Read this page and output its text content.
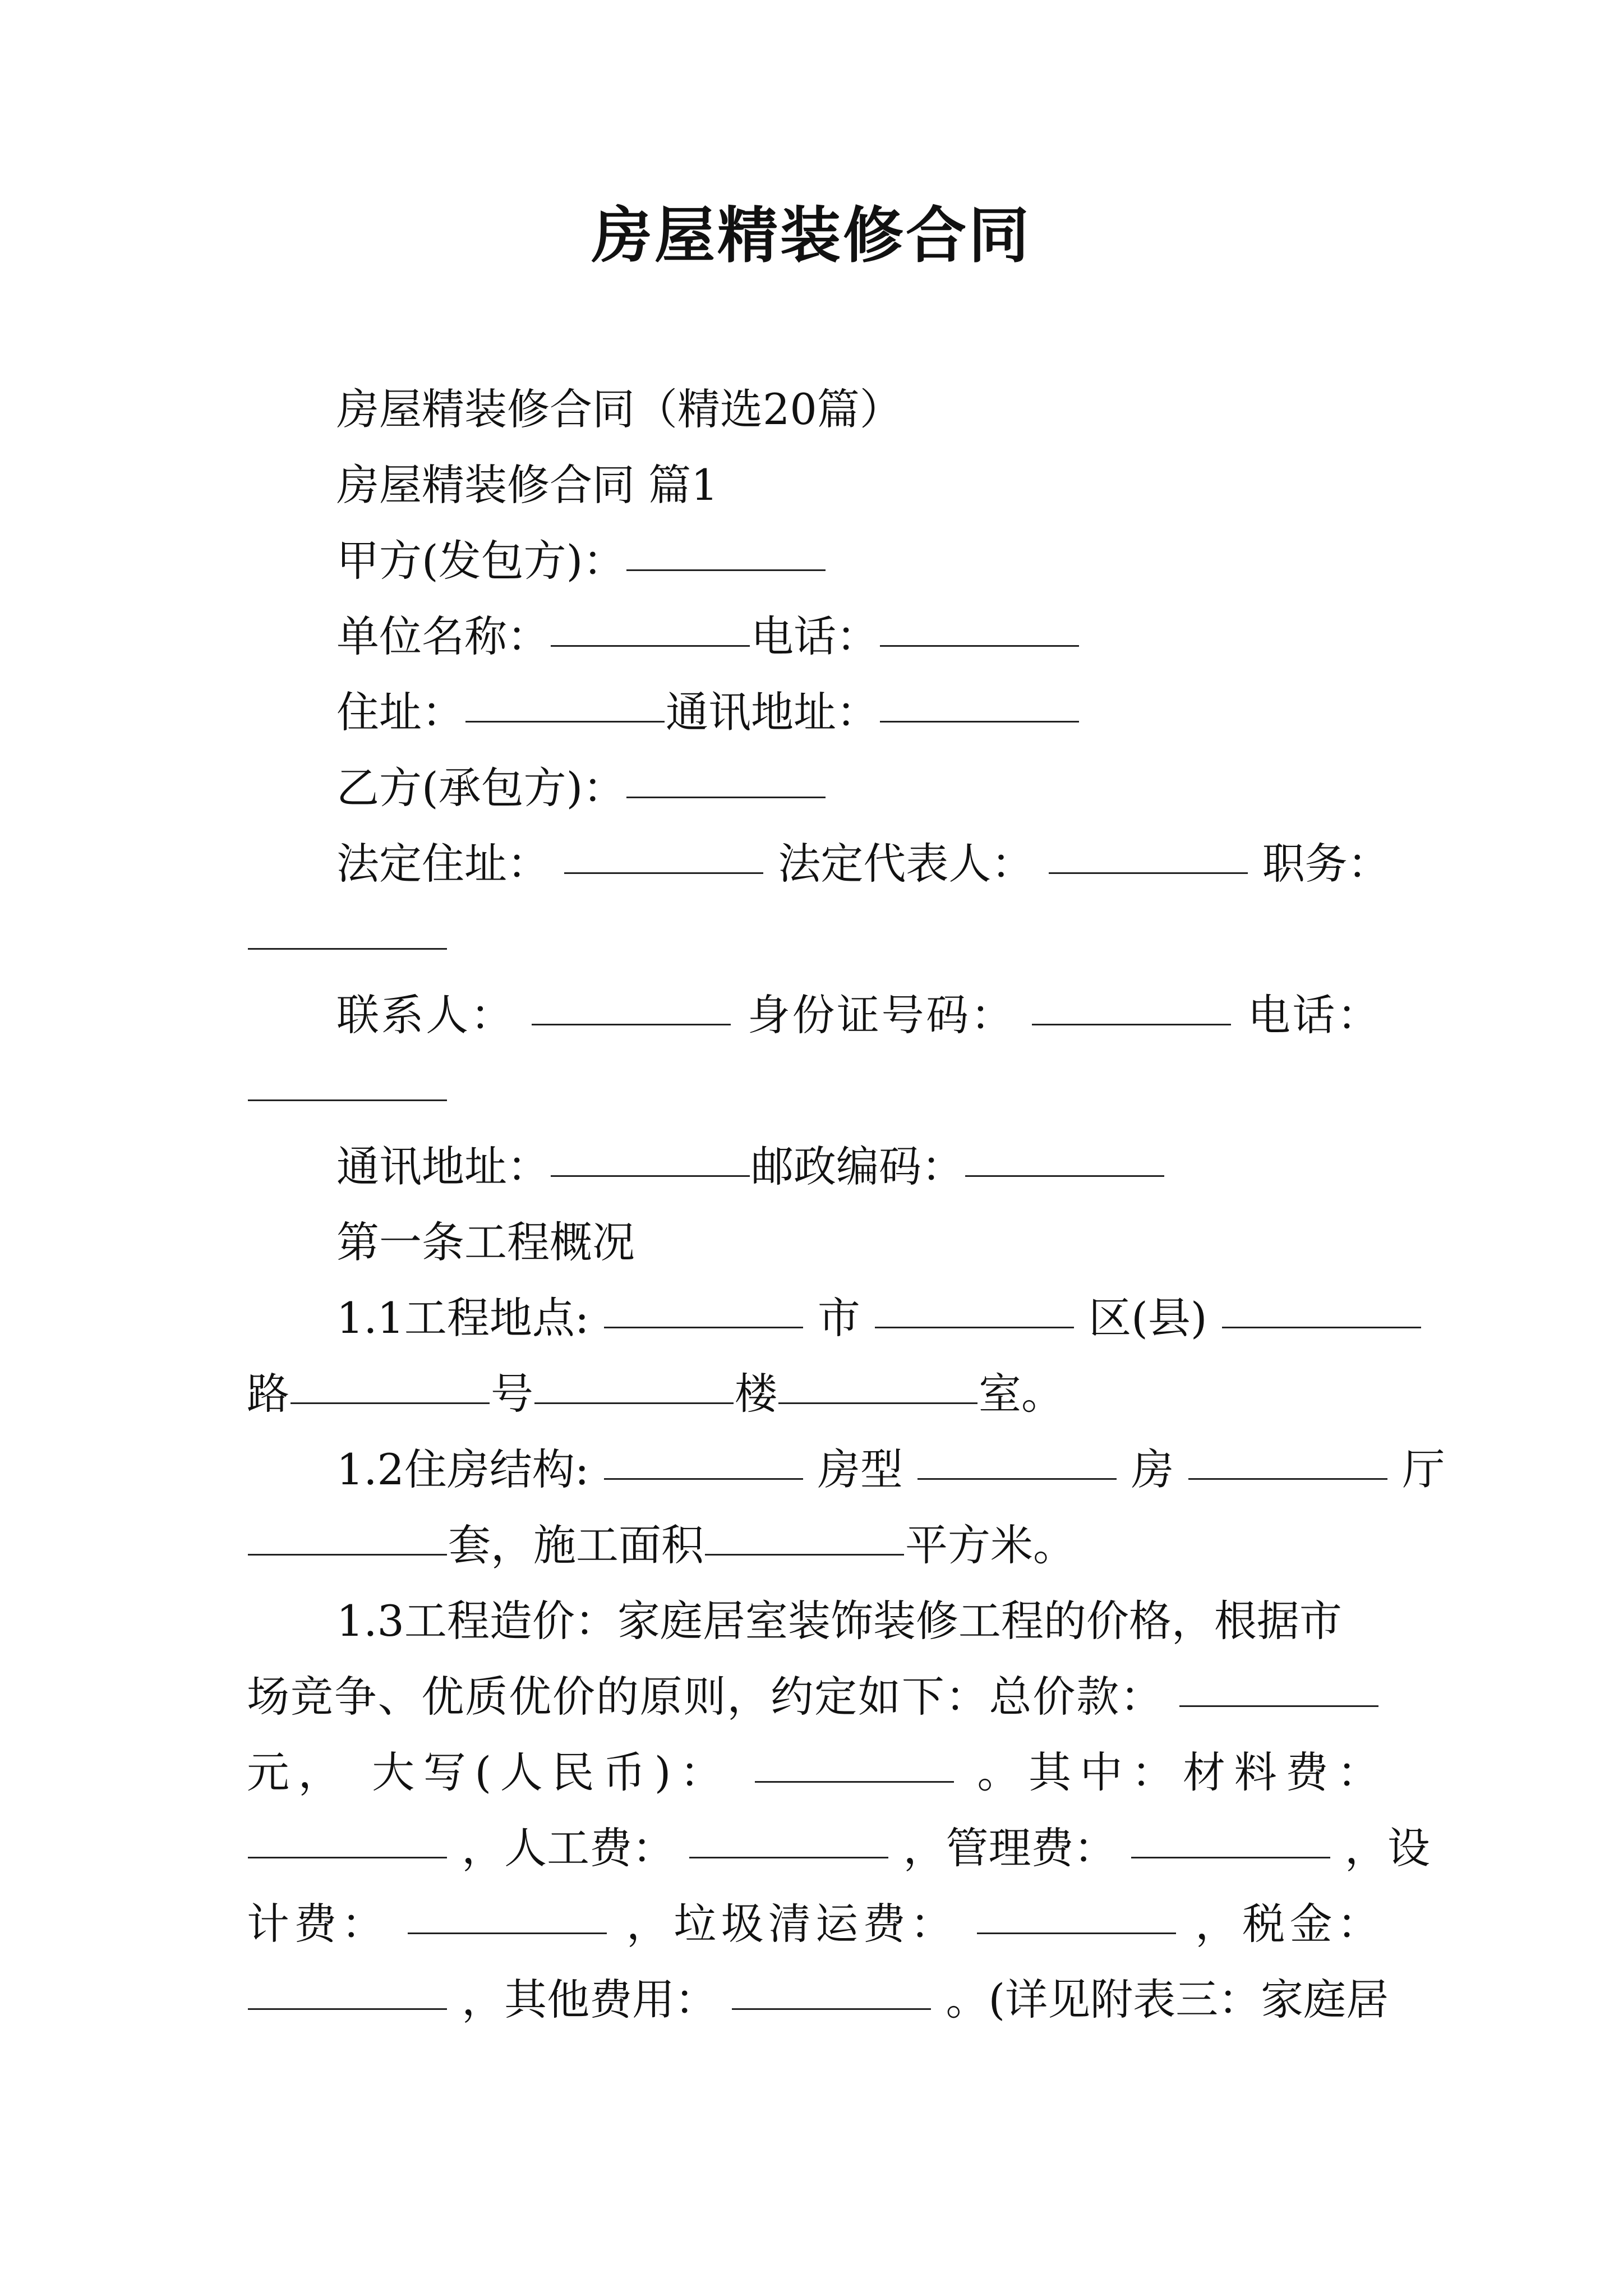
房屋精装修合同
房屋精装修合同（精选20篇）
房屋精装修合同 篇1
甲方(发包方)：
单位名称：	电话：
住址：	通讯地址：
乙方(承包方)：
法定住址：	法定代表人：	职务：
联系人：	身份证号码：	电话：
通讯地址：	邮政编码：
第一条工程概况
1.1工程地点:	市	区(县)
路	号	楼	室。
1.2住房结构:	房型	房	厅
套，施工面积	平方米。
1.3工程造价：家庭居室装饰装修工程的价格，根据市
场竞争、优质优价的原则，约定如下：总价款：
元， 大写(人民币)：	。其中：材料费：
，人工费：	，管理费：	，设
计费：	，垃圾清运费：	，税金：
，其他费用：	。(详见附表三：家庭居
